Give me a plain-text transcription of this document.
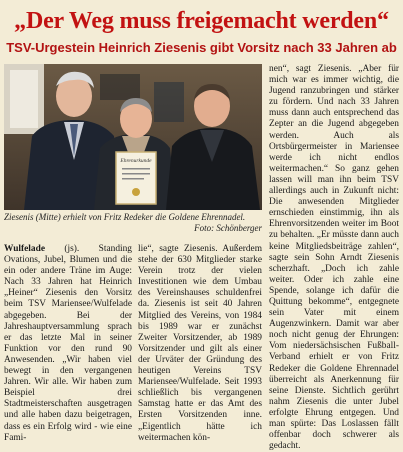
„Der Weg muss freigemacht werden“
TSV-Urgestein Heinrich Ziesenis gibt Vorsitz nach 33 Jahren ab
Ehrenurkunde
Ziesenis (Mitte) erhielt von Fritz Redeker die Goldene Ehrennadel.
Foto: Schönberger

Wulfelade (js). Standing Ovations, Jubel, Blumen und die ein oder andere Träne im Auge: Nach 33 Jahren hat Heinrich „Heiner“ Ziesenis den Vorsitz beim TSV Mariensee/Wulfelade abgegeben. Bei der Jahreshauptversammlung sprach er das letzte Mal in seiner Funktion vor den rund 90 Anwesenden. „Wir haben viel bewegt in den vergangenen Jahren. Wir alle. Wir haben zum Beispiel drei Stadtmeisterschaften ausgetragen und alle haben dazu beigetragen, dass es ein Erfolg wird - wie eine Fami-

lie“, sagte Ziesenis. Außerdem stehe der 630 Mitglieder starke Verein trotz der vielen Investitionen wie dem Umbau des Vereinshauses schuldenfrei da. Ziesenis ist seit 40 Jahren Mitglied des Vereins, von 1984 bis 1989 war er zunächst Zweiter Vorsitzender, ab 1989 Vorsitzender und gilt als einer der Urväter der Gründung des heutigen Vereins TSV Mariensee/Wulfelade. Seit 1993 schließlich bis vergangenen Samstag hatte er das Amt des Ersten Vorsitzenden inne. „Eigentlich hätte ich weitermachen kön-

nen“, sagt Ziesenis. „Aber für mich war es immer wichtig, die Jugend ranzubringen und stärker zu fördern. Und nach 33 Jahren muss dann auch entsprechend das Zepter an die Jugend abgegeben werden. Auch als Ortsbürgermeister in Mariensee werde ich nicht endlos weitermachen.“ So ganz gehen lassen will man ihn beim TSV allerdings auch in Zukunft nicht: Die anwesenden Mitglieder ernschieden einstimmig, ihn als Ehrenvorsitzenden weiter im Boot zu behalten. „Er müsste dann auch keine Mitgliedsbeiträge zahlen“, sagte sein Sohn Arndt Ziesenis scherzhaft. „Doch ich zahle weiter. Oder ich zahle eine Spende, solange ich dafür die Quittung bekomme“, entgegnete sein Vater mit einem Augenzwinkern. Damit war aber noch nicht genug der Ehrungen: Vom niedersächsischen Fußball-Verband erhielt er von Fritz Redeker die Goldene Ehrennadel überreicht als Anerkennung für seine Dienste. Sichtlich gerührt nahm Ziesenis die unter Jubel erfolgte Ehrung entgegen. Und man spürte: Das Loslassen fällt offenbar doch schwerer als gedacht.
